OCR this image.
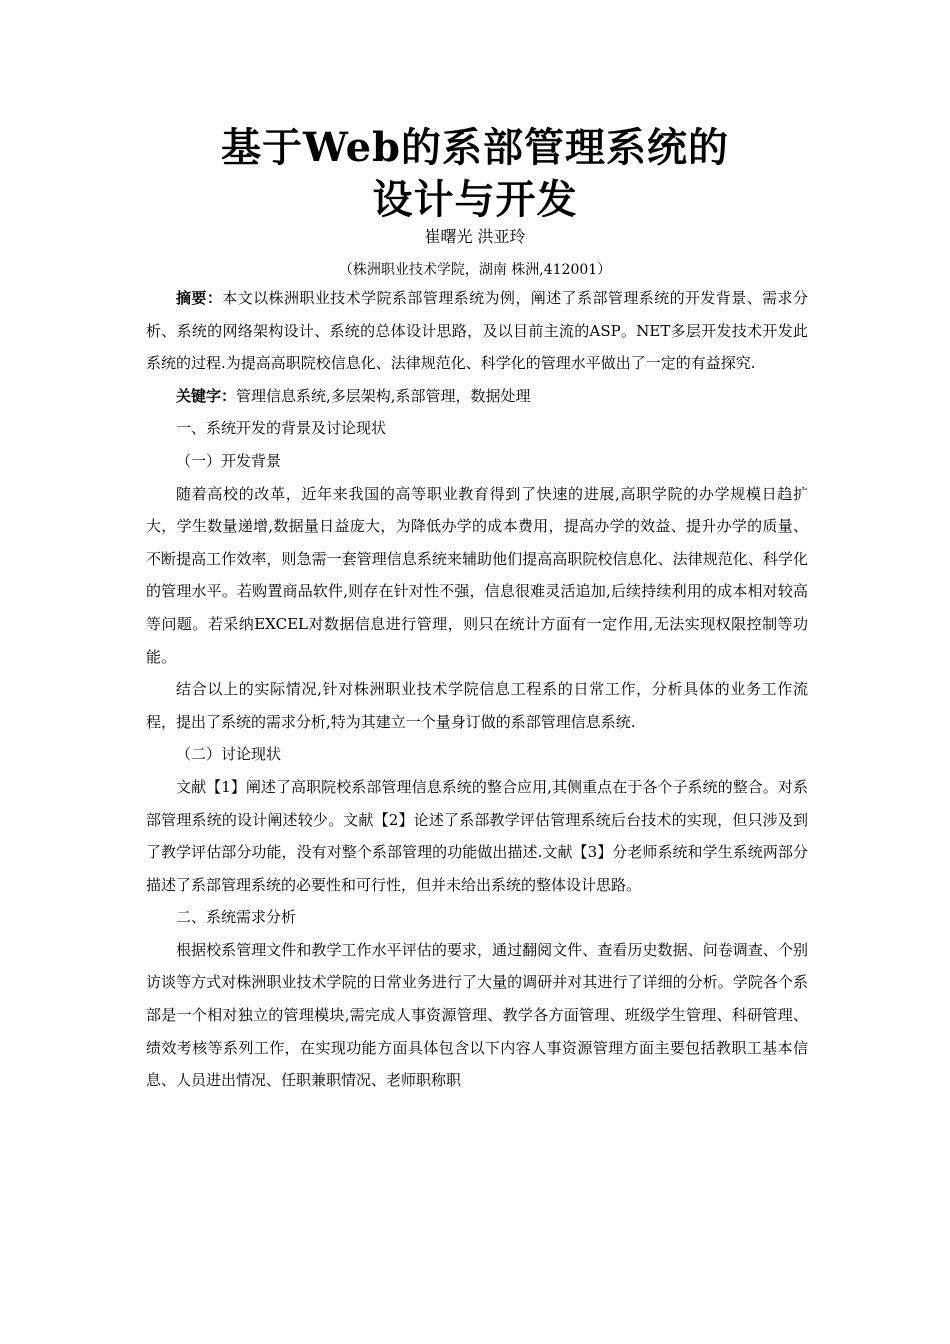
基于Web的系部管理系统的
设计与开发
崔曙光 洪亚玲
（株洲职业技术学院，湖南 株洲,412001）

摘要：本文以株洲职业技术学院系部管理系统为例，阐述了系部管理系统的开发背景、需求分析、系统的网络架构设计、系统的总体设计思路，及以目前主流的ASP。NET多层开发技术开发此系统的过程.为提高高职院校信息化、法律规范化、科学化的管理水平做出了一定的有益探究.

关键字：管理信息系统,多层架构,系部管理，数据处理

一、系统开发的背景及讨论现状

（一）开发背景

随着高校的改革，近年来我国的高等职业教育得到了快速的进展,高职学院的办学规模日趋扩大，学生数量递增,数据量日益庞大，为降低办学的成本费用，提高办学的效益、提升办学的质量、不断提高工作效率，则急需一套管理信息系统来辅助他们提高高职院校信息化、法律规范化、科学化的管理水平。若购置商品软件,则存在针对性不强，信息很难灵活追加,后续持续利用的成本相对较高等问题。若采纳EXCEL对数据信息进行管理，则只在统计方面有一定作用,无法实现权限控制等功能。

结合以上的实际情况,针对株洲职业技术学院信息工程系的日常工作，分析具体的业务工作流程，提出了系统的需求分析,特为其建立一个量身订做的系部管理信息系统.

（二）讨论现状

文献【1】阐述了高职院校系部管理信息系统的整合应用,其侧重点在于各个子系统的整合。对系部管理系统的设计阐述较少。文献【2】论述了系部教学评估管理系统后台技术的实现，但只涉及到了教学评估部分功能，没有对整个系部管理的功能做出描述.文献【3】分老师系统和学生系统两部分描述了系部管理系统的必要性和可行性，但并未给出系统的整体设计思路。

二、系统需求分析

根据校系管理文件和教学工作水平评估的要求，通过翻阅文件、查看历史数据、问卷调查、个别访谈等方式对株洲职业技术学院的日常业务进行了大量的调研并对其进行了详细的分析。学院各个系部是一个相对独立的管理模块,需完成人事资源管理、教学各方面管理、班级学生管理、科研管理、绩效考核等系列工作，在实现功能方面具体包含以下内容人事资源管理方面主要包括教职工基本信息、人员进出情况、任职兼职情况、老师职称职
